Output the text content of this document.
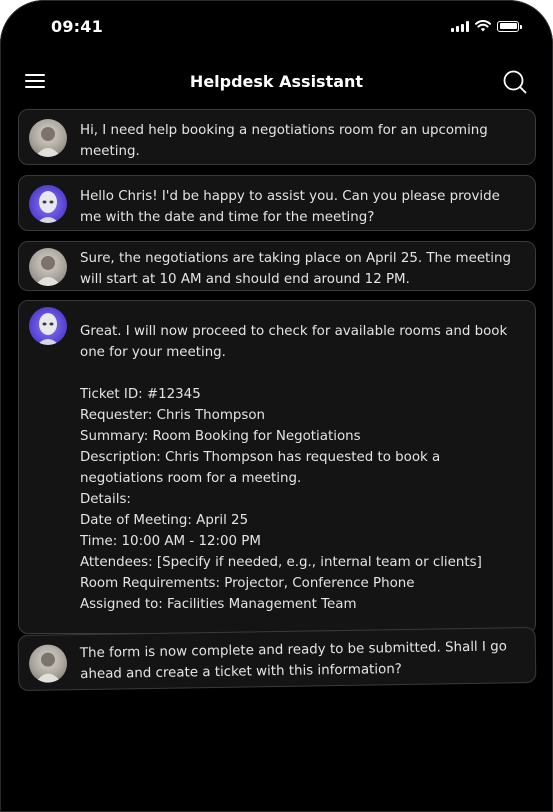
09:41
Helpdesk Assistant
Hi, I need help booking a negotiations room for an upcoming meeting.
Hello Chris! I'd be happy to assist you. Can you please provide me with the date and time for the meeting?
Sure, the negotiations are taking place on April 25. The meeting will start at 10 AM and should end around 12 PM.
Great. I will now proceed to check for available rooms and book one for your meeting.

Ticket ID: #12345
Requester: Chris Thompson
Summary: Room Booking for Negotiations
Description: Chris Thompson has requested to book a negotiations room for a meeting.
Details:
Date of Meeting: April 25
Time: 10:00 AM - 12:00 PM
Attendees: [Specify if needed, e.g., internal team or clients]
Room Requirements: Projector, Conference Phone
Assigned to: Facilities Management Team
The form is now complete and ready to be submitted. Shall I go ahead and create a ticket with this information?
